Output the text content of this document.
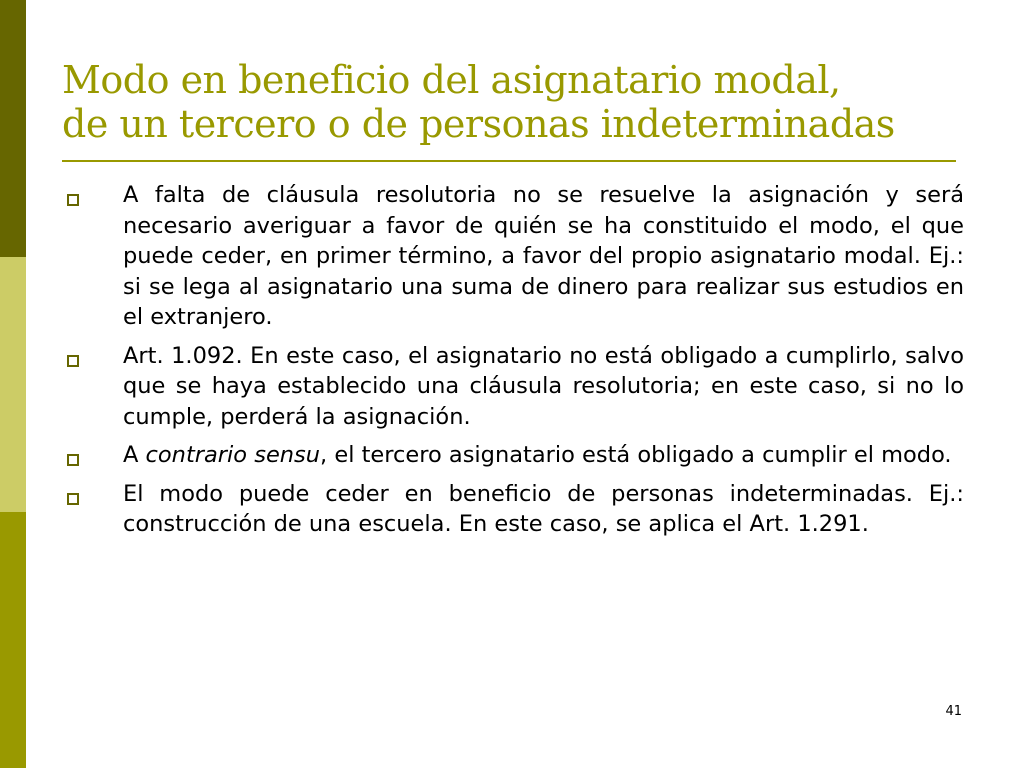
Modo en beneficio del asignatario modal,
de un tercero o de personas indeterminadas
A falta de cláusula resolutoria no se resuelve la asignación y será necesario averiguar a favor de quién se ha constituido el modo, el que puede ceder, en primer término, a favor del propio asignatario modal. Ej.: si se lega al asignatario una suma de dinero para realizar sus estudios en el extranjero.
Art. 1.092. En este caso, el asignatario no está obligado a cumplirlo, salvo que se haya establecido una cláusula resolutoria; en este caso, si no lo cumple, perderá la asignación.
A contrario sensu, el tercero asignatario está obligado a cumplir el modo.
El modo puede ceder en beneficio de personas indeterminadas. Ej.: construcción de una escuela. En este caso, se aplica el Art. 1.291.
41
